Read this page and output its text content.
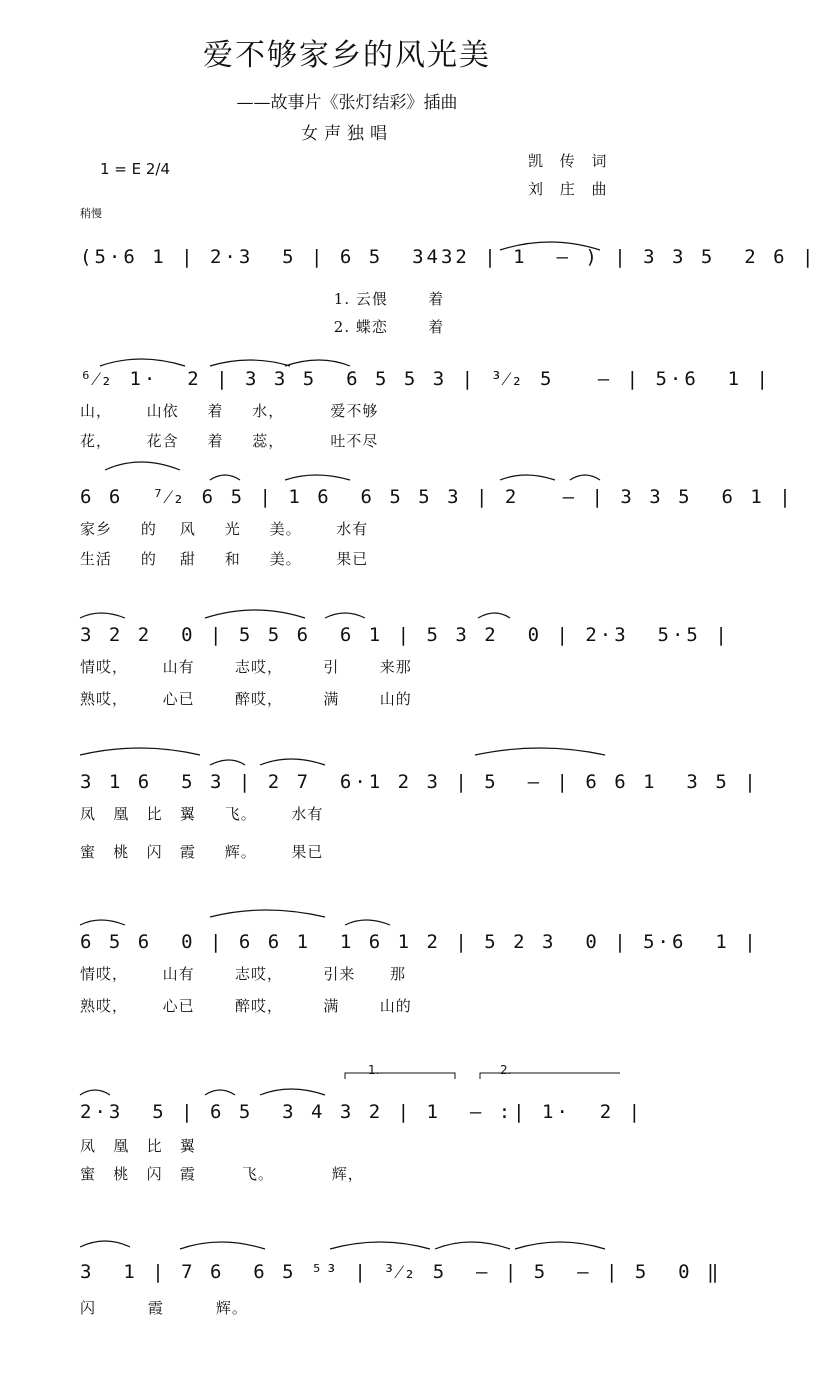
爱不够家乡的风光美
——故事片《张灯结彩》插曲
女声独唱
1 = E 2/4	凯 传 词
刘 庄 曲
稍慢
(5·6 1 | 2·3  5 | 6 5  3432 | 1  — ) | 3 3 5  2 6 |
1. 云偎       着
2. 蝶恋       着
⁶⁄₂ 1·  2 | 3 3 5  6 5 5 3 | ³⁄₂ 5   — | 5·6  1 |
山，      山依     着     水，        爱不够
花，      花含     着     蕊，        吐不尽
6 6  ⁷⁄₂ 6 5 | 1 6  6 5 5 3 | 2   — | 3 3 5  6 1 |
家乡     的    风     光     美。      水有
生活     的    甜     和     美。      果已
3 2 2  0 | 5 5 6  6 1 | 5 3 2  0 | 2·3  5·5 |
情哎，      山有       志哎，       引       来那
熟哎，      心已       醉哎，       满       山的
3 1 6  5 3 | 2 7  6·1 2 3 | 5  — | 6 6 1  3 5 |
凤   凰   比   翼     飞。      水有
蜜   桃   闪   霞     辉。      果已
6 5 6  0 | 6 6 1  1 6 1 2 | 5 2 3  0 | 5·6  1 |
情哎，      山有       志哎，       引来      那
熟哎，      心已       醉哎，       满       山的
1.	2.
2·3  5 | 6 5  3 4 3 2 | 1  — :| 1·  2 |
凤   凰   比   翼
蜜   桃   闪   霞        飞。          辉，
3  1 | 7 6  6 5 ⁵³ | ³⁄₂ 5  — | 5  — | 5  0 ‖
闪         霞         辉。
